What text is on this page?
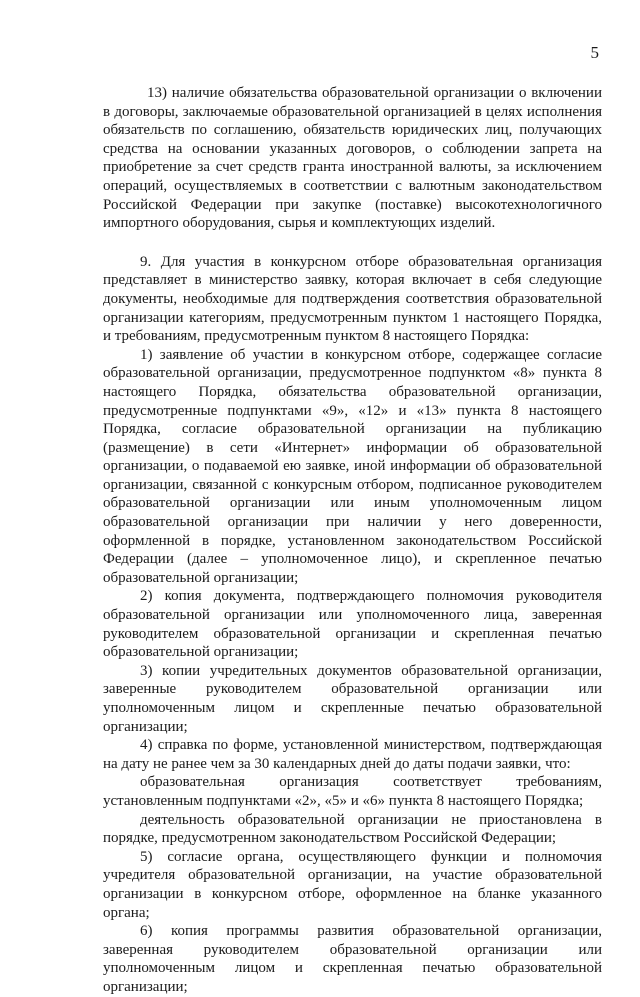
5

13) наличие обязательства образовательной организации о включении в договоры, заключаемые образовательной организацией в целях исполнения обязательств по соглашению, обязательств юридических лиц, получающих средства на основании указанных договоров, о соблюдении запрета на приобретение за счет средств гранта иностранной валюты, за исключением операций, осуществляемых в соответствии с валютным законодательством Российской Федерации при закупке (поставке) высокотехнологичного импортного оборудования, сырья и комплектующих изделий.

9. Для участия в конкурсном отборе образовательная организация представляет в министерство заявку, которая включает в себя следующие документы, необходимые для подтверждения соответствия образовательной организации категориям, предусмотренным пунктом 1 настоящего Порядка, и требованиям, предусмотренным пунктом 8 настоящего Порядка:

1) заявление об участии в конкурсном отборе, содержащее согласие образовательной организации, предусмотренное подпунктом «8» пункта 8 настоящего Порядка, обязательства образовательной организации, предусмотренные подпунктами «9», «12» и «13» пункта 8 настоящего Порядка, согласие образовательной организации на публикацию (размещение) в сети «Интернет» информации об образовательной организации, о подаваемой ею заявке, иной информации об образовательной организации, связанной с конкурсным отбором, подписанное руководителем образовательной организации или иным уполномоченным лицом образовательной организации при наличии у него доверенности, оформленной в порядке, установленном законодательством Российской Федерации (далее – уполномоченное лицо), и скрепленное печатью образовательной организации;

2) копия документа, подтверждающего полномочия руководителя образовательной организации или уполномоченного лица, заверенная руководителем образовательной организации и скрепленная печатью образовательной организации;

3) копии учредительных документов образовательной организации, заверенные руководителем образовательной организации или уполномоченным лицом и скрепленные печатью образовательной организации;

4) справка по форме, установленной министерством, подтверждающая на дату не ранее чем за 30 календарных дней до даты подачи заявки, что:

образовательная организация соответствует требованиям, установленным подпунктами «2», «5» и «6» пункта 8 настоящего Порядка;

деятельность образовательной организации не приостановлена в порядке, предусмотренном законодательством Российской Федерации;

5) согласие органа, осуществляющего функции и полномочия учредителя образовательной организации, на участие образовательной организации в конкурсном отборе, оформленное на бланке указанного органа;

6) копия программы развития образовательной организации, заверенная руководителем образовательной организации или уполномоченным лицом и скрепленная печатью образовательной организации;
